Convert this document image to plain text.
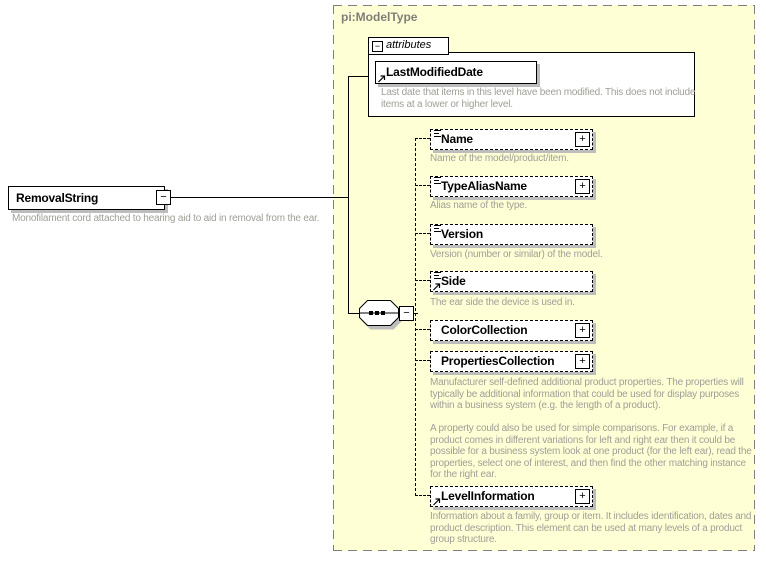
pi:ModelType
RemovalString	−
Monofilament cord attached to hearing aid to aid in removal from the ear.
− attributes
LastModifiedDate
Last date that items in this level have been modified. This does not include items at a lower or higher level.
−
Name	+
Name of the model/product/item.
TypeAliasName	+
Alias name of the type.
Version
Version (number or similar) of the model.
Side
The ear side the device is used in.
ColorCollection	+
PropertiesCollection	+
Manufacturer self-defined additional product properties. The properties will typically be additional information that could be used for display purposes within a business system (e.g. the length of a product).
A property could also be used for simple comparisons. For example, if a product comes in different variations for left and right ear then it could be possible for a business system look at one product (for the left ear), read the properties, select one of interest, and then find the other matching instance for the right ear.
LevelInformation	+
Information about a family, group or item. It includes identification, dates and product description. This element can be used at many levels of a product group structure.
